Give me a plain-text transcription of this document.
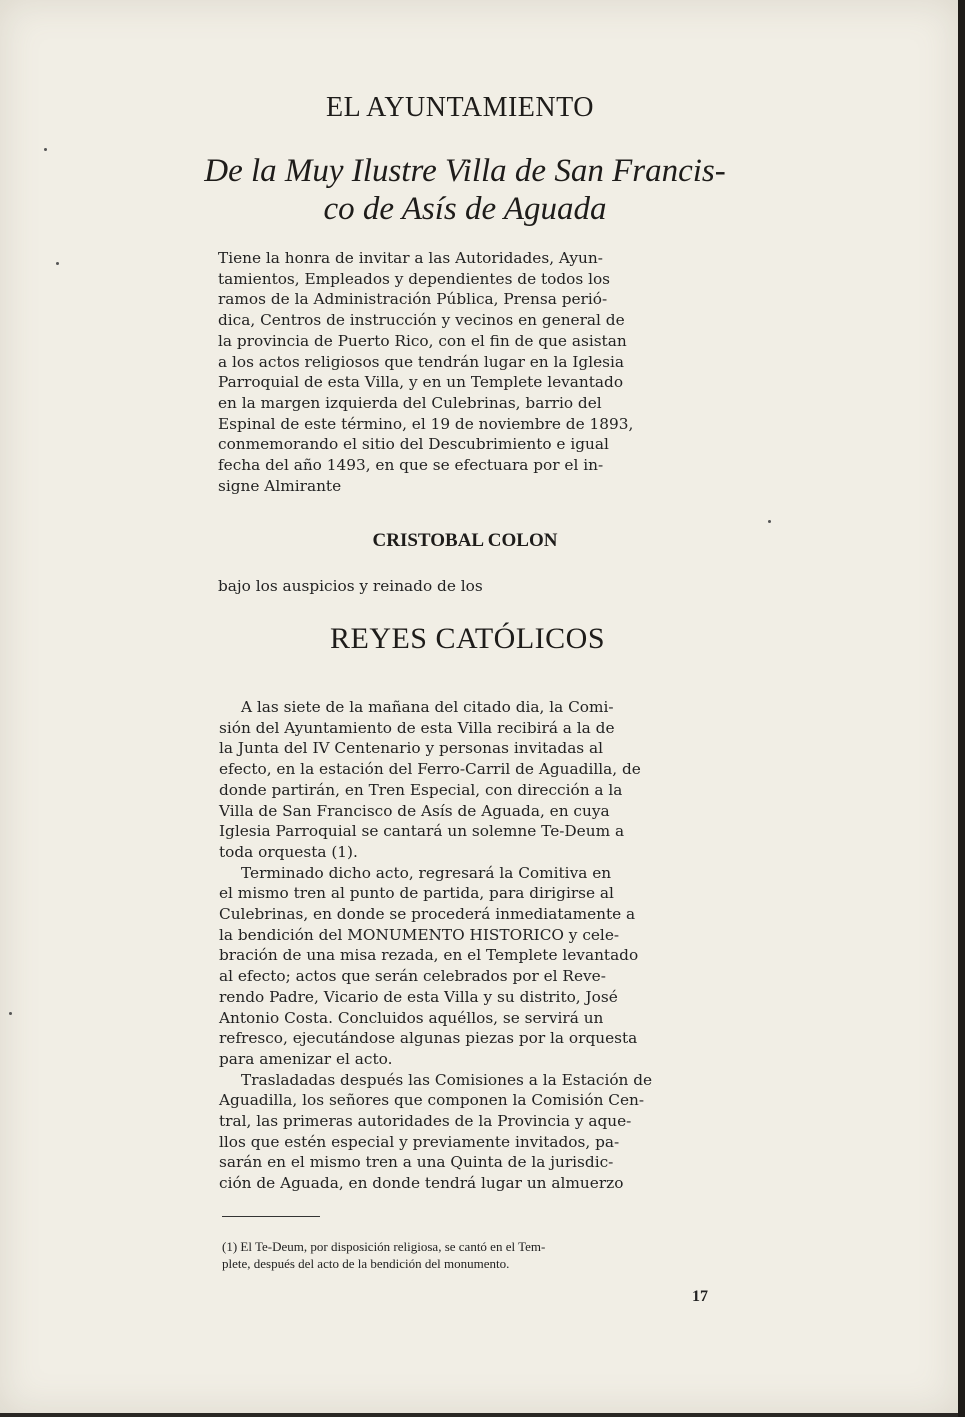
EL AYUNTAMIENTO
De la Muy Ilustre Villa de San Francis-
co de Asís de Aguada
Tiene la honra de invitar a las Autoridades, Ayun-
tamientos, Empleados y dependientes de todos los
ramos de la Administración Pública, Prensa perió-
dica, Centros de instrucción y vecinos en general de
la provincia de Puerto Rico, con el fin de que asistan
a los actos religiosos que tendrán lugar en la Iglesia
Parroquial de esta Villa, y en un Templete levantado
en la margen izquierda del Culebrinas, barrio del
Espinal de este término, el 19 de noviembre de 1893,
conmemorando el sitio del Descubrimiento e igual
fecha del año 1493, en que se efectuara por el in-
signe Almirante
CRISTOBAL COLON
bajo los auspicios y reinado de los
REYES CATÓLICOS
A las siete de la mañana del citado dia, la Comi-
sión del Ayuntamiento de esta Villa recibirá a la de
la Junta del IV Centenario y personas invitadas al
efecto, en la estación del Ferro-Carril de Aguadilla, de
donde partirán, en Tren Especial, con dirección a la
Villa de San Francisco de Asís de Aguada, en cuya
Iglesia Parroquial se cantará un solemne Te-Deum a
toda orquesta (1).
Terminado dicho acto, regresará la Comitiva en
el mismo tren al punto de partida, para dirigirse al
Culebrinas, en donde se procederá inmediatamente a
la bendición del MONUMENTO HISTORICO y cele-
bración de una misa rezada, en el Templete levantado
al efecto; actos que serán celebrados por el Reve-
rendo Padre, Vicario de esta Villa y su distrito, José
Antonio Costa. Concluidos aquéllos, se servirá un
refresco, ejecutándose algunas piezas por la orquesta
para amenizar el acto.
Trasladadas después las Comisiones a la Estación de
Aguadilla, los señores que componen la Comisión Cen-
tral, las primeras autoridades de la Provincia y aque-
llos que estén especial y previamente invitados, pa-
sarán en el mismo tren a una Quinta de la jurisdic-
ción de Aguada, en donde tendrá lugar un almuerzo
(1) El Te-Deum, por disposición religiosa, se cantó en el Tem-
plete, después del acto de la bendición del monumento.
17
